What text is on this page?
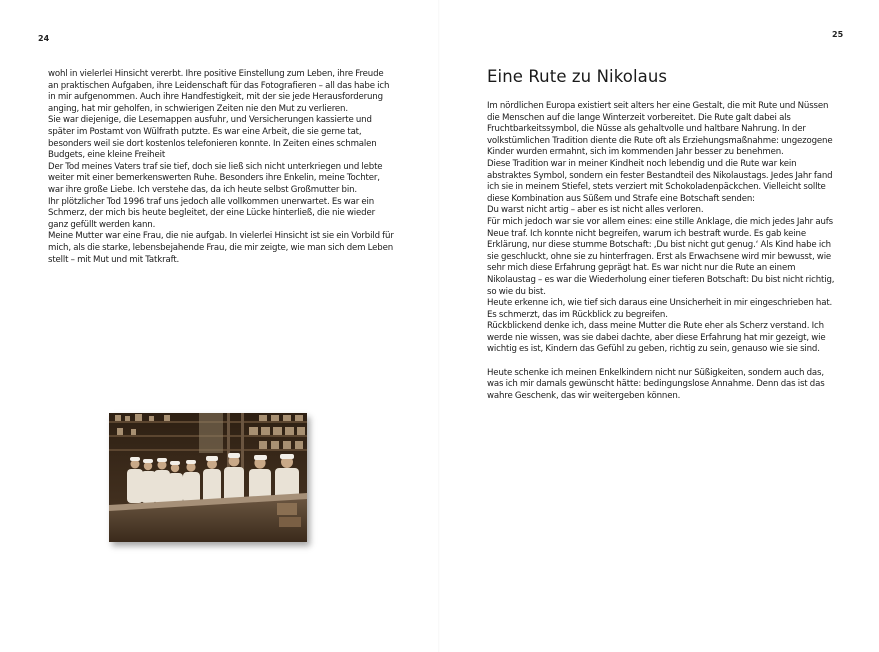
24

wohl in vielerlei Hinsicht vererbt. Ihre positive Einstellung zum Leben, ihre Freude an praktischen Aufgaben, ihre Leidenschaft für das Fotografieren – all das habe ich in mir aufgenommen. Auch ihre Handfestigkeit, mit der sie jede Herausforderung anging, hat mir geholfen, in schwierigen Zeiten nie den Mut zu verlieren.

Sie war diejenige, die Lesemappen ausfuhr, und Versicherungen kassierte und später im Postamt von Wülfrath putzte. Es war eine Arbeit, die sie gerne tat, besonders weil sie dort kostenlos telefonieren konnte. In Zeiten eines schmalen Budgets, eine kleine Freiheit

Der Tod meines Vaters traf sie tief, doch sie ließ sich nicht unterkriegen und lebte weiter mit einer bemerkenswerten Ruhe. Besonders ihre Enkelin, meine Tochter, war ihre große Liebe. Ich verstehe das, da ich heute selbst Großmutter bin.

Ihr plötzlicher Tod 1996 traf uns jedoch alle vollkommen unerwartet. Es war ein Schmerz, der mich bis heute begleitet, der eine Lücke hinterließ, die nie wieder ganz gefüllt werden kann.

Meine Mutter war eine Frau, die nie aufgab. In vielerlei Hinsicht ist sie ein Vorbild für mich, als die starke, lebensbejahende Frau, die mir zeigte, wie man sich dem Leben stellt – mit Mut und mit Tatkraft.

25
Eine Rute zu Nikolaus

Im nördlichen Europa existiert seit alters her eine Gestalt, die mit Rute und Nüssen die Menschen auf die lange Winterzeit vorbereitet. Die Rute galt dabei als Fruchtbarkeitssymbol, die Nüsse als gehaltvolle und haltbare Nahrung. In der volkstümlichen Tradition diente die Rute oft als Erziehungsmaßnahme: ungezogene Kinder wurden ermahnt, sich im kommenden Jahr besser zu benehmen.

Diese Tradition war in meiner Kindheit noch lebendig und die Rute war kein abstraktes Symbol, sondern ein fester Bestandteil des Nikolaustags. Jedes Jahr fand ich sie in meinem Stiefel, stets verziert mit Schokoladenpäckchen. Vielleicht sollte diese Kombination aus Süßem und Strafe eine Botschaft senden:

Du warst nicht artig – aber es ist nicht alles verloren.

Für mich jedoch war sie vor allem eines: eine stille Anklage, die mich jedes Jahr aufs Neue traf. Ich konnte nicht begreifen, warum ich bestraft wurde. Es gab keine Erklärung, nur diese stumme Botschaft: ‚Du bist nicht gut genug.‘ Als Kind habe ich sie geschluckt, ohne sie zu hinterfragen. Erst als Erwachsene wird mir bewusst, wie sehr mich diese Erfahrung geprägt hat. Es war nicht nur die Rute an einem Nikolaustag – es war die Wiederholung einer tieferen Botschaft: Du bist nicht richtig, so wie du bist.

Heute erkenne ich, wie tief sich daraus eine Unsicherheit in mir eingeschrieben hat. Es schmerzt, das im Rückblick zu begreifen.

Rückblickend denke ich, dass meine Mutter die Rute eher als Scherz verstand. Ich werde nie wissen, was sie dabei dachte, aber diese Erfahrung hat mir gezeigt, wie wichtig es ist, Kindern das Gefühl zu geben, richtig zu sein, genauso wie sie sind.

Heute schenke ich meinen Enkelkindern nicht nur Süßigkeiten, sondern auch das, was ich mir damals gewünscht hätte: bedingungslose Annahme. Denn das ist das wahre Geschenk, das wir weitergeben können.
